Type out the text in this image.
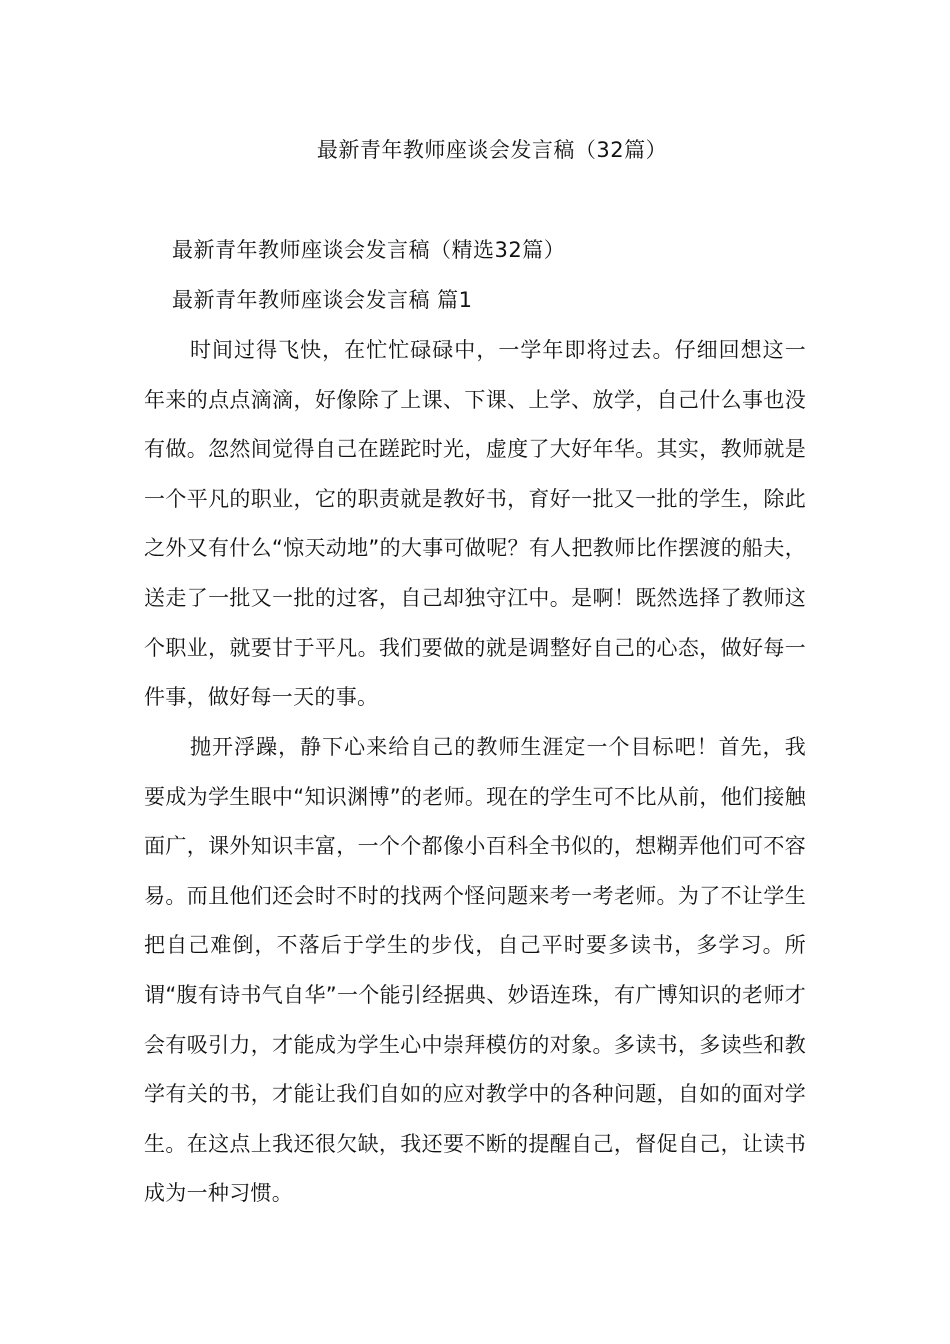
最新青年教师座谈会发言稿（32篇）
最新青年教师座谈会发言稿（精选32篇）
最新青年教师座谈会发言稿 篇1

时间过得飞快，在忙忙碌碌中，一学年即将过去。仔细回想这一年来的点点滴滴，好像除了上课、下课、上学、放学，自己什么事也没有做。忽然间觉得自己在蹉跎时光，虚度了大好年华。其实，教师就是一个平凡的职业，它的职责就是教好书，育好一批又一批的学生，除此之外又有什么“惊天动地”的大事可做呢？有人把教师比作摆渡的船夫，送走了一批又一批的过客，自己却独守江中。是啊！既然选择了教师这个职业，就要甘于平凡。我们要做的就是调整好自己的心态，做好每一件事，做好每一天的事。

抛开浮躁，静下心来给自己的教师生涯定一个目标吧！首先，我要成为学生眼中“知识渊博”的老师。现在的学生可不比从前，他们接触面广，课外知识丰富，一个个都像小百科全书似的，想糊弄他们可不容易。而且他们还会时不时的找两个怪问题来考一考老师。为了不让学生把自己难倒，不落后于学生的步伐，自己平时要多读书，多学习。所谓“腹有诗书气自华”一个能引经据典、妙语连珠，有广博知识的老师才会有吸引力，才能成为学生心中崇拜模仿的对象。多读书，多读些和教学有关的书，才能让我们自如的应对教学中的各种问题，自如的面对学生。在这点上我还很欠缺，我还要不断的提醒自己，督促自己，让读书成为一种习惯。
